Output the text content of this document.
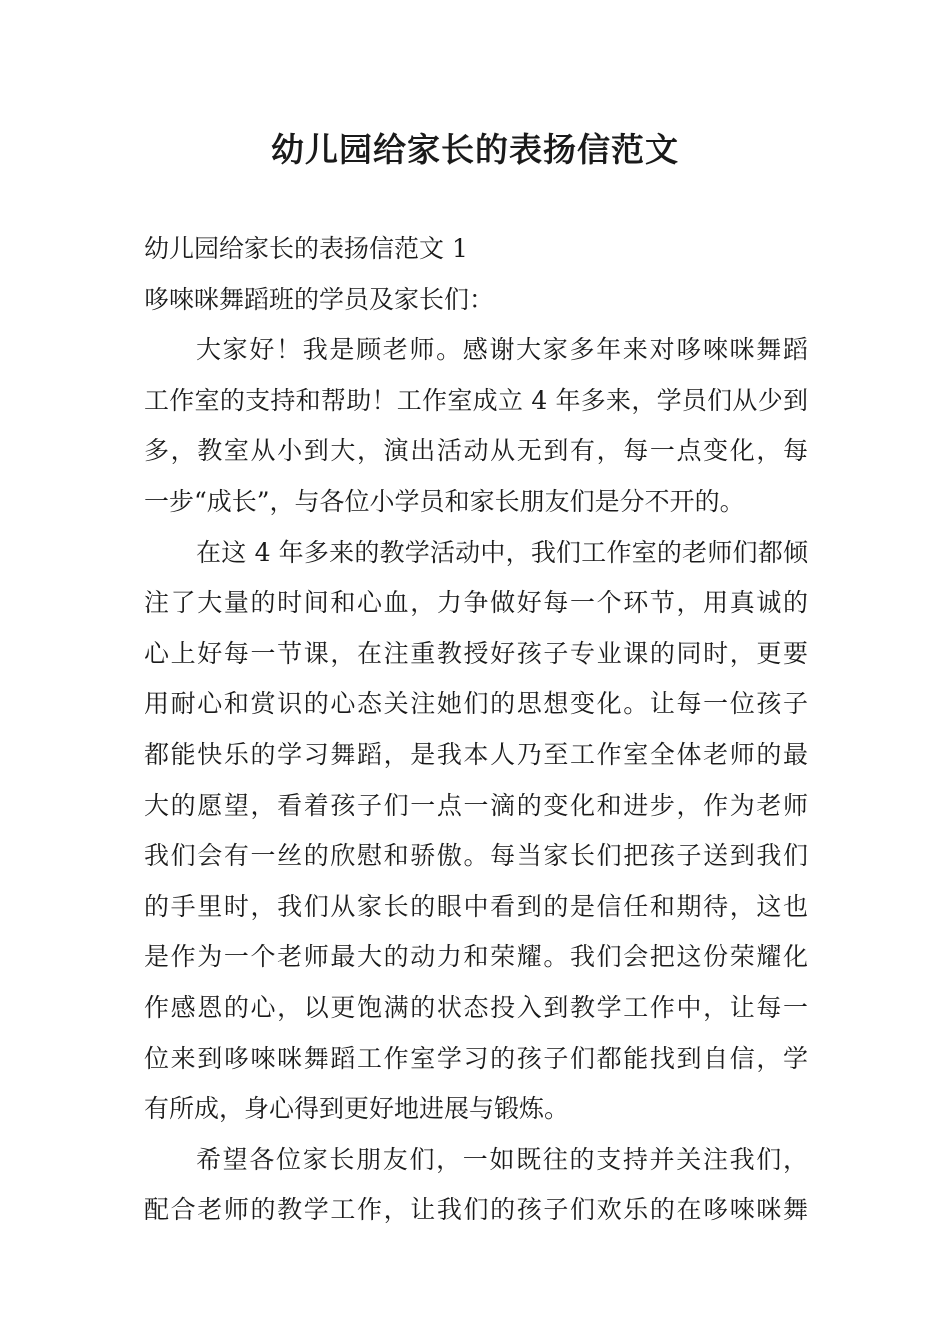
幼儿园给家长的表扬信范文
幼儿园给家长的表扬信范文 1
哆唻咪舞蹈班的学员及家长们：
大家好！我是顾老师。感谢大家多年来对哆唻咪舞蹈
工作室的支持和帮助！工作室成立 4 年多来，学员们从少到
多，教室从小到大，演出活动从无到有，每一点变化，每
一步“成长”，与各位小学员和家长朋友们是分不开的。
在这 4 年多来的教学活动中，我们工作室的老师们都倾
注了大量的时间和心血，力争做好每一个环节，用真诚的
心上好每一节课，在注重教授好孩子专业课的同时，更要
用耐心和赏识的心态关注她们的思想变化。让每一位孩子
都能快乐的学习舞蹈，是我本人乃至工作室全体老师的最
大的愿望，看着孩子们一点一滴的变化和进步，作为老师
我们会有一丝的欣慰和骄傲。每当家长们把孩子送到我们
的手里时，我们从家长的眼中看到的是信任和期待，这也
是作为一个老师最大的动力和荣耀。我们会把这份荣耀化
作感恩的心，以更饱满的状态投入到教学工作中，让每一
位来到哆唻咪舞蹈工作室学习的孩子们都能找到自信，学
有所成，身心得到更好地进展与锻炼。
希望各位家长朋友们，一如既往的支持并关注我们，
配合老师的教学工作，让我们的孩子们欢乐的在哆唻咪舞
